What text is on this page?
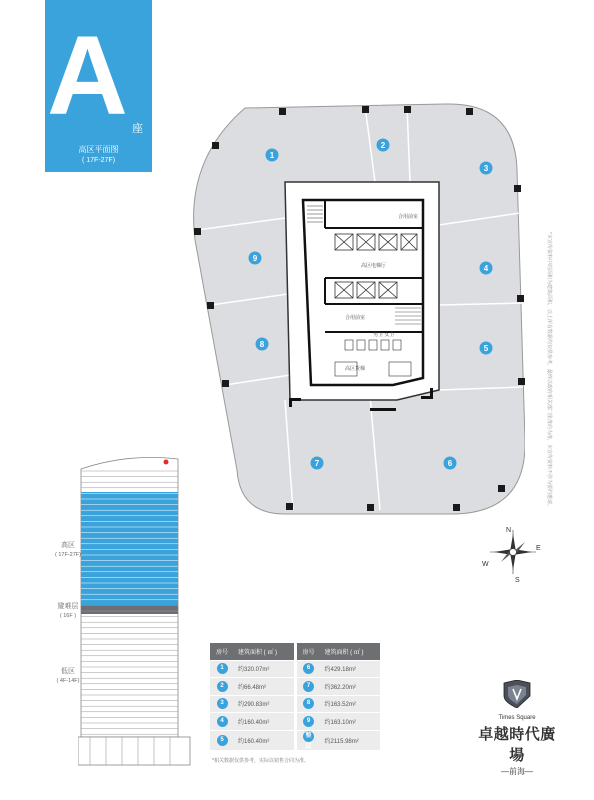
A 座
高区平面图
( 17F-27F)
合用前室
高区电梯厅
合用前室
男卫 女卫
高区货梯
1
2
3
4
5
6
7
8
9	*本宣传资料中的面积为建筑面积，以上所有数据均仅供参考，最终以政府相关部门批准的为准，本宣传资料不作为要约邀请。
N
E
S
W
高区
( 17F-27F)
避难层
( 16F )
低区
( 4F-14F)
房号	建筑面积 ( ㎡ )		房号	建筑面积 ( ㎡ )
1	约320.07m²		6	约429.18m²
2	约66.48m²		7	约362.20m²
3	约290.83m²		8	约163.52m²
4	约160.40m²		9	约163.10m²
5	约160.40m²		整层	约2115.98m²
*相关数据仅供参考，实际以销售合同为准。
Times Square
卓越時代廣場
—前海—
